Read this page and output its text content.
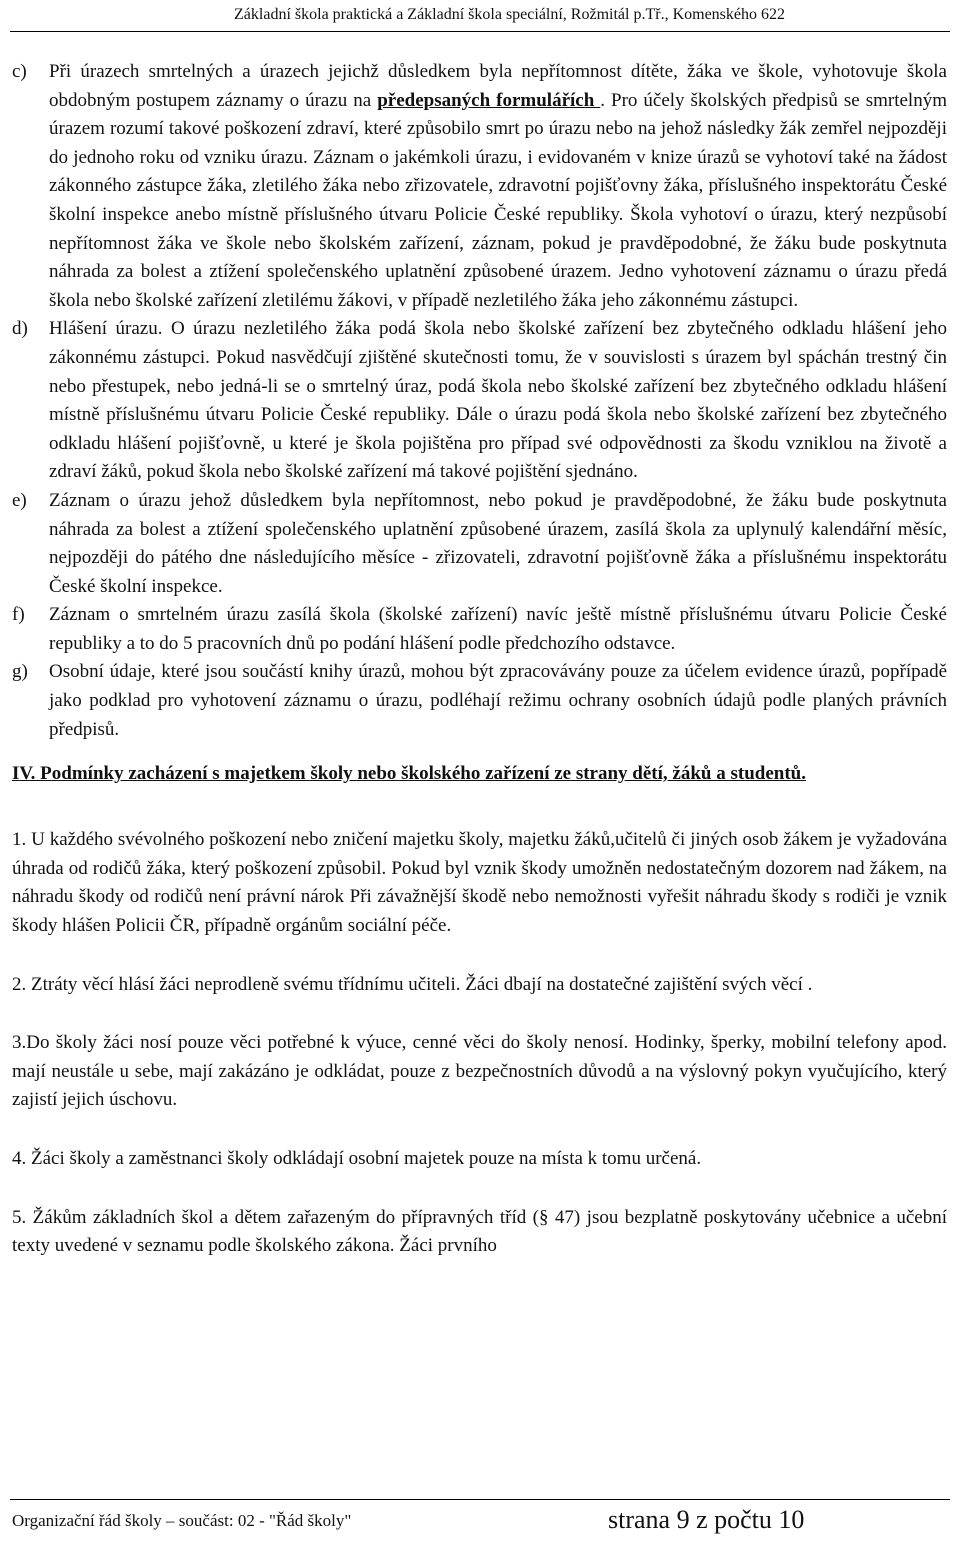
Základní škola praktická a Základní škola speciální, Rožmitál p.Tř., Komenského 622
c) Při úrazech smrtelných a úrazech jejichž důsledkem byla nepřítomnost dítěte, žáka ve škole, vyhotovuje škola obdobným postupem záznamy o úrazu na předepsaných formulářích . Pro účely školských předpisů se smrtelným úrazem rozumí takové poškození zdraví, které způsobilo smrt po úrazu nebo na jehož následky žák zemřel nejpozději do jednoho roku od vzniku úrazu. Záznam o jakémkoli úrazu, i evidovaném v knize úrazů se vyhotoví také na žádost zákonného zástupce žáka, zletilého žáka nebo zřizovatele, zdravotní pojišťovny žáka, příslušného inspektorátu České školní inspekce anebo místně příslušného útvaru Policie České republiky. Škola vyhotoví o úrazu, který nezpůsobí nepřítomnost žáka ve škole nebo školském zařízení, záznam, pokud je pravděpodobné, že žáku bude poskytnuta náhrada za bolest a ztížení společenského uplatnění způsobené úrazem. Jedno vyhotovení záznamu o úrazu předá škola nebo školské zařízení zletilému žákovi, v případě nezletilého žáka jeho zákonnému zástupci.

d) Hlášení úrazu. O úrazu nezletilého žáka podá škola nebo školské zařízení bez zbytečného odkladu hlášení jeho zákonnému zástupci. Pokud nasvědčují zjištěné skutečnosti tomu, že v souvislosti s úrazem byl spáchán trestný čin nebo přestupek, nebo jedná-li se o smrtelný úraz, podá škola nebo školské zařízení bez zbytečného odkladu hlášení místně příslušnému útvaru Policie České republiky. Dále o úrazu podá škola nebo školské zařízení bez zbytečného odkladu hlášení pojišťovně, u které je škola pojištěna pro případ své odpovědnosti za škodu vzniklou na životě a zdraví žáků, pokud škola nebo školské zařízení má takové pojištění sjednáno.

e) Záznam o úrazu jehož důsledkem byla nepřítomnost, nebo pokud je pravděpodobné, že žáku bude poskytnuta náhrada za bolest a ztížení společenského uplatnění způsobené úrazem, zasílá škola za uplynulý kalendářní měsíc, nejpozději do pátého dne následujícího měsíce - zřizovateli, zdravotní pojišťovně žáka a příslušnému inspektorátu České školní inspekce.

f) Záznam o smrtelném úrazu zasílá škola (školské zařízení) navíc ještě místně příslušnému útvaru Policie České republiky a to do 5 pracovních dnů po podání hlášení podle předchozího odstavce.

g) Osobní údaje, které jsou součástí knihy úrazů, mohou být zpracovávány pouze za účelem evidence úrazů, popřípadě jako podklad pro vyhotovení záznamu o úrazu, podléhají režimu ochrany osobních údajů podle planých právních předpisů.

IV. Podmínky zacházení s majetkem školy nebo školského zařízení ze strany dětí, žáků a studentů.

1. U každého svévolného poškození nebo zničení majetku školy, majetku žáků,učitelů či jiných osob žákem je vyžadována úhrada od rodičů žáka, který poškození způsobil. Pokud byl vznik škody umožněn nedostatečným dozorem nad žákem, na náhradu škody od rodičů není právní nárok Při závažnější škodě nebo nemožnosti vyřešit náhradu škody s rodiči je vznik škody hlášen Policii ČR, případně orgánům sociální péče.

2. Ztráty věcí hlásí žáci neprodleně svému třídnímu učiteli. Žáci dbají na dostatečné zajištění svých věcí .

3.Do školy žáci nosí pouze věci potřebné k výuce, cenné věci do školy nenosí. Hodinky, šperky, mobilní telefony apod. mají neustále u sebe, mají zakázáno je odkládat, pouze z bezpečnostních důvodů a na výslovný pokyn vyučujícího, který zajistí jejich úschovu.

4. Žáci školy a zaměstnanci školy odkládají osobní majetek pouze na místa k tomu určená.

5. Žákům základních škol a dětem zařazeným do přípravných tříd (§ 47) jsou bezplatně poskytovány učebnice a učební texty uvedené v seznamu podle školského zákona. Žáci prvního

Organizační řád školy – součást: 02 - "Řád školy"	strana 9 z počtu 10
